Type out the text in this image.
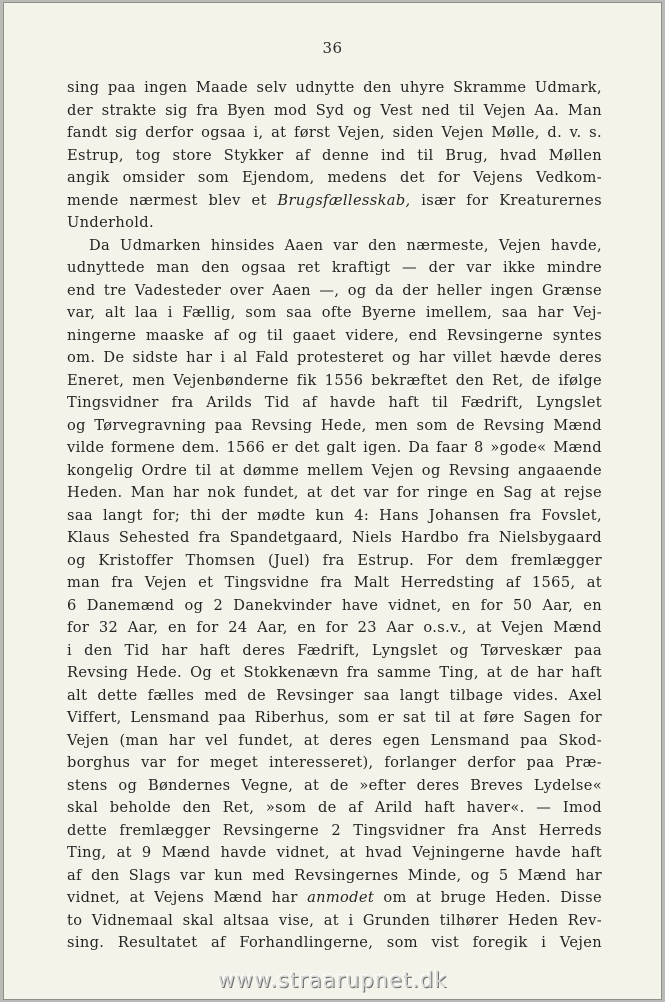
36
sing paa ingen Maade selv udnytte den uhyre Skramme Udmark,
der strakte sig fra Byen mod Syd og Vest ned til Vejen Aa. Man
fandt sig derfor ogsaa i, at først Vejen, siden Vejen Mølle, d. v. s.
Estrup, tog store Stykker af denne ind til Brug, hvad Møllen
angik omsider som Ejendom, medens det for Vejens Vedkom-
mende nærmest blev et Brugsfællesskab, især for Kreaturernes
Underhold.
Da Udmarken hinsides Aaen var den nærmeste, Vejen havde,
udnyttede man den ogsaa ret kraftigt — der var ikke mindre
end tre Vadesteder over Aaen —, og da der heller ingen Grænse
var, alt laa i Fællig, som saa ofte Byerne imellem, saa har Vej-
ningerne maaske af og til gaaet videre, end Revsingerne syntes
om. De sidste har i al Fald protesteret og har villet hævde deres
Eneret, men Vejenbønderne fik 1556 bekræftet den Ret, de ifølge
Tingsvidner fra Arilds Tid af havde haft til Fædrift, Lyngslet
og Tørvegravning paa Revsing Hede, men som de Revsing Mænd
vilde formene dem. 1566 er det galt igen. Da faar 8 »gode« Mænd
kongelig Ordre til at dømme mellem Vejen og Revsing angaaende
Heden. Man har nok fundet, at det var for ringe en Sag at rejse
saa langt for; thi der mødte kun 4: Hans Johansen fra Fovslet,
Klaus Sehested fra Spandetgaard, Niels Hardbo fra Nielsbygaard
og Kristoffer Thomsen (Juel) fra Estrup. For dem fremlægger
man fra Vejen et Tingsvidne fra Malt Herredsting af 1565, at
6 Danemænd og 2 Danekvinder have vidnet, en for 50 Aar, en
for 32 Aar, en for 24 Aar, en for 23 Aar o.s.v., at Vejen Mænd
i den Tid har haft deres Fædrift, Lyngslet og Tørveskær paa
Revsing Hede. Og et Stokkenævn fra samme Ting, at de har haft
alt dette fælles med de Revsinger saa langt tilbage vides. Axel
Viffert, Lensmand paa Riberhus, som er sat til at føre Sagen for
Vejen (man har vel fundet, at deres egen Lensmand paa Skod-
borghus var for meget interesseret), forlanger derfor paa Præ-
stens og Bøndernes Vegne, at de »efter deres Breves Lydelse«
skal beholde den Ret, »som de af Arild haft haver«. — Imod
dette fremlægger Revsingerne 2 Tingsvidner fra Anst Herreds
Ting, at 9 Mænd havde vidnet, at hvad Vejningerne havde haft
af den Slags var kun med Revsingernes Minde, og 5 Mænd har
vidnet, at Vejens Mænd har anmodet om at bruge Heden. Disse
to Vidnemaal skal altsaa vise, at i Grunden tilhører Heden Rev-
sing. Resultatet af Forhandlingerne, som vist foregik i Vejen
www.straarupnet.dk
